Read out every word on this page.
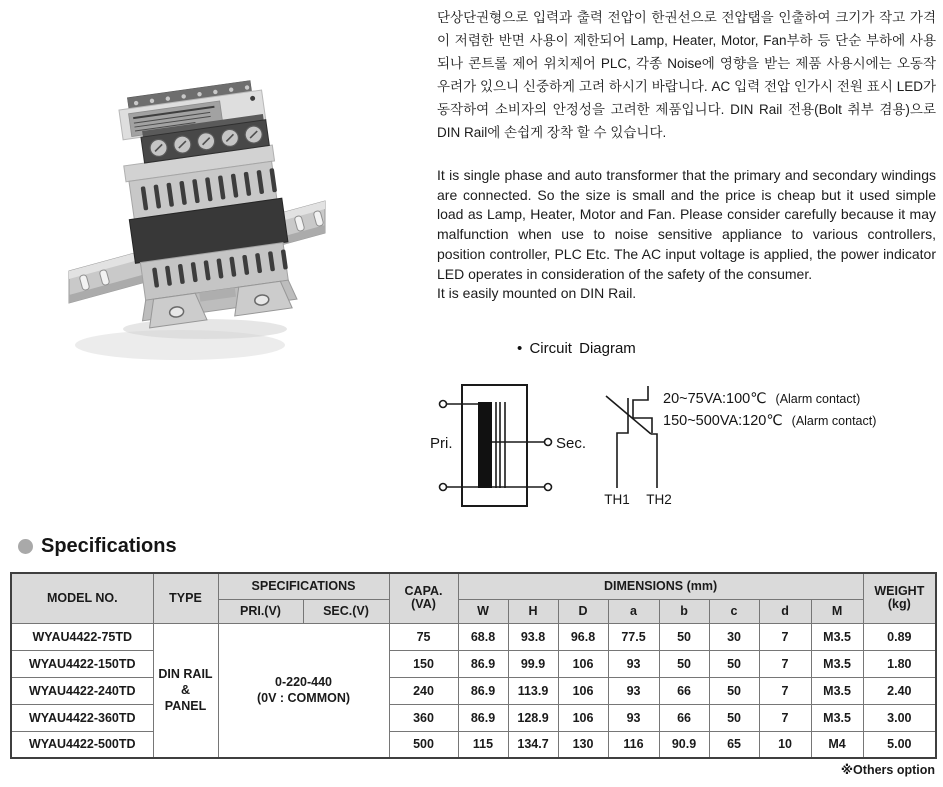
단상단권형으로 입력과 출력 전압이 한권선으로 전압탭을 인출하여 크기가 작고 가격이 저렴한 반면 사용이 제한되어 Lamp, Heater, Motor, Fan부하 등 단순 부하에 사용되나 콘트롤 제어 위치제어 PLC, 각종 Noise에 영향을 받는 제품 사용시에는 오동작 우려가 있으니 신중하게 고려 하시기 바랍니다. AC 입력 전압 인가시 전원 표시 LED가 동작하여 소비자의 안정성을 고려한 제품입니다. DIN Rail 전용(Bolt 취부 겸용)으로 DIN Rail에 손쉽게 장착 할 수 있습니다.

It is single phase and auto transformer that the primary and secondary windings are connected. So the size is small and the price is cheap but it used simple load as Lamp, Heater, Motor and Fan. Please consider carefully because it may malfunction when use to noise sensitive appliance to various controllers, position controller, PLC Etc. The AC input voltage is applied, the power indicator LED operates in consideration of the safety of the consumer.

It is easily mounted on DIN Rail.

• Circuit Diagram
Pri.	Sec.
TH1 TH2
20~75VA:100℃ (Alarm contact)
150~500VA:120℃ (Alarm contact)
Specifications
MODEL NO.	TYPE	SPECIFICATIONS		CAPA.
(VA)	DIMENSIONS (mm)								WEIGHT
(kg)

		PRI.(V)	SEC.(V)		W	H	D	a	b	c	d	M	
WYAU4422-75TD	DIN RAIL
&
PANEL	0-220-440
(0V : COMMON)		75	68.8	93.8	96.8	77.5	50	30	7	M3.5	0.89
WYAU4422-150TD				150	86.9	99.9	106	93	50	50	7	M3.5	1.80
WYAU4422-240TD				240	86.9	113.9	106	93	66	50	7	M3.5	2.40
WYAU4422-360TD				360	86.9	128.9	106	93	66	50	7	M3.5	3.00
WYAU4422-500TD				500	115	134.7	130	116	90.9	65	10	M4	5.00
※Others option
